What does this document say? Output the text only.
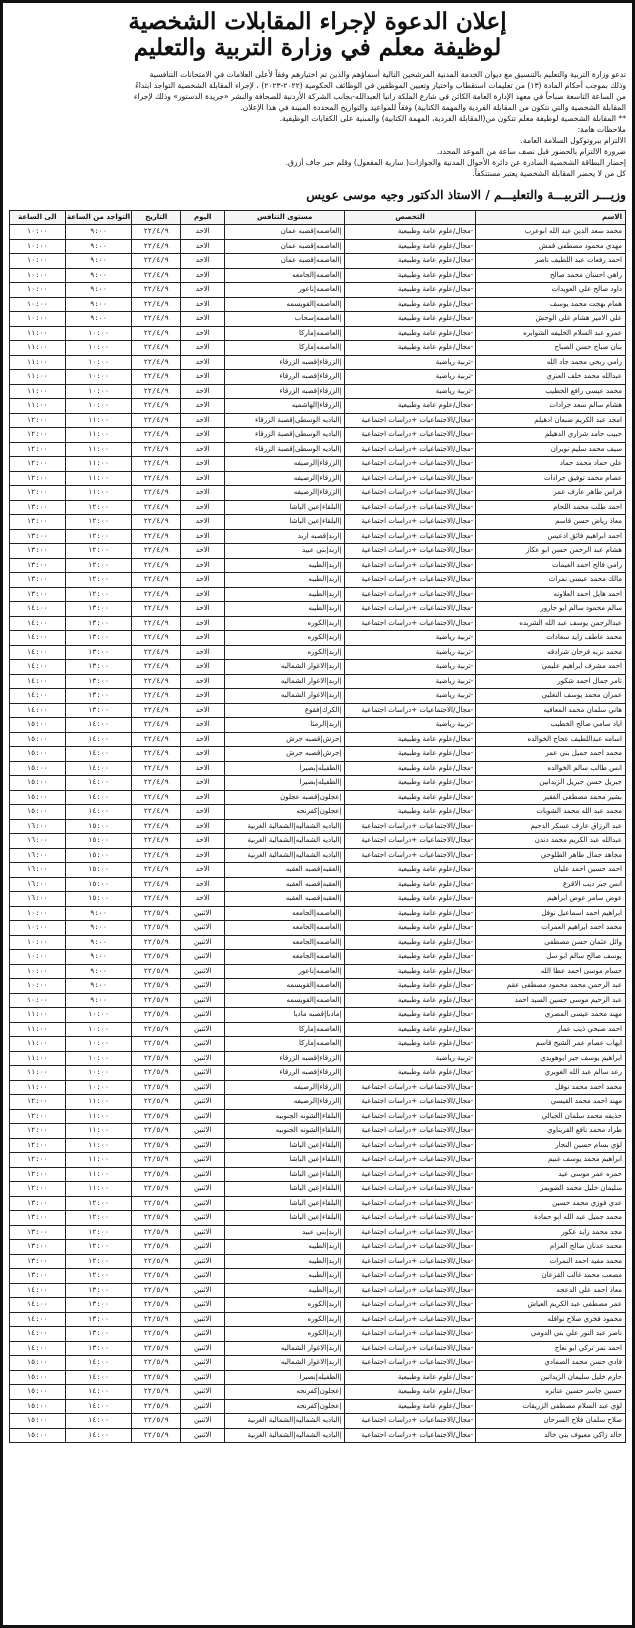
إعلان الدعوة لإجراء المقابلات الشخصية
لوظيفة معلم في وزارة التربية والتعليم

تدعو وزارة التربية والتعليم بالتنسيق مع ديوان الخدمة المدنية المرشحين التالية أسماؤهم والذين تم اختيارهم وفقاً لأعلى العلامات في الامتحانات التنافسية

وذلك بموجب أحكام المادة (١٣) من تعليمات استقطاب واختيار وتعيين الموظفين في الوظائف الحكومية (٢٠٢٢-٢٠٢٣) ، لإجراء المقابلة الشخصية التواجد ابتداءً

من الساعة التاسعة صباحاً في معهد الإدارة العامة الكائن في شارع الملكة رانيا العبدالله-بجانب الشركة الأردنية للصحافة والنشر «جريدة الدستور» وذلك لإجراء

المقابلة الشخصية والتي تتكون من المقابلة الفردية والمهمة الكتابية) وفقاً للمواعيد والتواريخ المحددة المبينة في هذا الإعلان.

** المقابلة الشخصية لوظيفة معلم تتكون من(المقابلة الفردية، المهمة الكتابية) والمبنية على الكفايات الوظيفية.

ملاحظات هامة:

الالتزام ببروتوكول السلامة العامة.

ضرورة الالتزام بالحضور قبل نصف ساعة من الموعد المحدد.

إحضار البطاقة الشخصية الصادرة عن دائرة الأحوال المدنية والجوازات( سارية المفعول) وقلم حبر جاف أزرق.

كل من لا يحضر المقابلة الشخصية يعتبر مستنكفاً.

وزيـــر التربيـــة والتعليـــم / الاستاذ الدكتور وجيه موسى عويس
الاسم	التخصص	مستوى التنافس	اليوم	التاريخ	التواجد من الساعة	الى الساعة
محمد سعد الدين عبد الله ابوعرب	-مجال/علوم عامة وطبيعية	|العاصمه|قصبه عمان	الاحد	٢٢/٤/٩	٩:٠٠	١٠:٠٠
مهدي محمود مصطفى قمش	-مجال/علوم عامة وطبيعية	|العاصمه|قصبه عمان	الاحد	٢٢/٤/٩	٩:٠٠	١٠:٠٠
احمد رفعات عبد اللطيف ناصر	-مجال/علوم عامة وطبيعية	|العاصمه|قصبه عمان	الاحد	٢٢/٤/٩	٩:٠٠	١٠:٠٠
راهي احسان محمد صالح	-مجال/علوم عامة وطبيعية	|العاصمه|الجامعه	الاحد	٢٢/٤/٩	٩:٠٠	١٠:٠٠
داود صالح علي العويدات	-مجال/علوم عامة وطبيعية	|العاصمه|ناعور	الاحد	٢٢/٤/٩	٩:٠٠	١٠:٠٠
همام بهجت محمد يوسف	-مجال/علوم عامة وطبيعية	|العاصمه|القويسمه	الاحد	٢٢/٤/٩	٩:٠٠	١٠:٠٠
علي الامير هشام علي الوحش	-مجال/علوم عامة وطبيعية	|العاصمه|سحاب	الاحد	٢٢/٤/٩	٩:٠٠	١٠:٠٠
عمرو عبد السلام الخليفه الشوابره	-مجال/علوم عامة وطبيعية	|العاصمه|ماركا	الاحد	٢٢/٤/٩	١٠:٠٠	١١:٠٠
بنان صباح حسن الصباح	-مجال/علوم عامة وطبيعية	|العاصمه|ماركا	الاحد	٢٢/٤/٩	١٠:٠٠	١١:٠٠
رامي ربحي محمد جاد الله	-تربية رياضية	|الزرقاء|قصبه الزرقاء	الاحد	٢٢/٤/٩	١٠:٠٠	١١:٠٠
عبدالله محمد خلف العنزي	-تربية رياضية	|الزرقاء|قصبه الزرقاء	الاحد	٢٢/٤/٩	١٠:٠٠	١١:٠٠
محمد عيسى رافع الخطيب	-تربية رياضية	|الزرقاء|قصبه الزرقاء	الاحد	٢٢/٤/٩	١٠:٠٠	١١:٠٠
هشام سالم سعد جرادات	-مجال/علوم عامة وطبيعية	|الزرقاء|الهاشميه	الاحد	٢٢/٤/٩	١٠:٠٠	١١:٠٠
امجد عبد الكريم ضبعان ادهيلم	-مجال/الاجتماعيات +دراسات اجتماعية	|البادیه الوسطی|قصبة الزرقاء	الاحد	٢٢/٤/٩	١١:٠٠	١٢:٠٠
حبيب حامد شراري الدهيلم	-مجال/الاجتماعيات +دراسات اجتماعية	|البادیه الوسطی|قصبة الزرقاء	الاحد	٢٢/٤/٩	١١:٠٠	١٢:٠٠
سيف محمد سليم نويران	-مجال/الاجتماعيات +دراسات اجتماعية	|البادیه الوسطی|قصبة الزرقاء	الاحد	٢٢/٤/٩	١١:٠٠	١٢:٠٠
علي حماد محمد حماد	-مجال/الاجتماعيات +دراسات اجتماعية	|الزرقاء|الرصيفه	الاحد	٢٢/٤/٩	١١:٠٠	١٢:٠٠
عصام محمد توفيق جرادات	-مجال/الاجتماعيات +دراسات اجتماعية	|الزرقاء|الرصيفه	الاحد	٢٢/٤/٩	١١:٠٠	١٢:٠٠
فراس طاهر عارف عمر	-مجال/الاجتماعيات +دراسات اجتماعية	|الزرقاء|الرصيفه	الاحد	٢٢/٤/٩	١١:٠٠	١٢:٠٠
احمد طلب محمد اللحام	-مجال/الاجتماعيات +دراسات اجتماعية	|البلقاء|عين الباشا	الاحد	٢٢/٤/٩	١٢:٠٠	١٣:٠٠
معاذ رياض حسن قاسم	-مجال/الاجتماعيات +دراسات اجتماعية	|البلقاء|عين الباشا	الاحد	٢٢/٤/٩	١٢:٠٠	١٣:٠٠
احمد ابراهيم فائق ادعيس	-مجال/الاجتماعيات +دراسات اجتماعية	|اربد|قصبه اربد	الاحد	٢٢/٤/٩	١٢:٠٠	١٣:٠٠
هشام عبد الرحمن حسن ابو عكاز	-مجال/الاجتماعيات +دراسات اجتماعية	|اربد|بني عبيد	الاحد	٢٢/٤/٩	١٢:٠٠	١٣:٠٠
رامي فالح احمد الغيمات	-مجال/الاجتماعيات +دراسات اجتماعية	|اربد|الطيبه	الاحد	٢٢/٤/٩	١٢:٠٠	١٣:٠٠
مالك محمد عيسى نمرات	-مجال/الاجتماعيات +دراسات اجتماعية	|اربد|الطيبه	الاحد	٢٢/٤/٩	١٢:٠٠	١٣:٠٠
احمد هايل احمد العلاونه	-مجال/الاجتماعيات +دراسات اجتماعية	|اربد|الطيبه	الاحد	٢٢/٤/٩	١٢:٠٠	١٣:٠٠
سالم محمود سالم ابو جارور	-مجال/الاجتماعيات +دراسات اجتماعية	|اربد|الطيبه	الاحد	٢٢/٤/٩	١٣:٠٠	١٤:٠٠
عبدالرحمن يوسف عبد الله الشريده	-مجال/الاجتماعيات +دراسات اجتماعية	|اربد|الكوره	الاحد	٢٢/٤/٩	١٣:٠٠	١٤:٠٠
محمد عاطف زايد سعادات	-تربية رياضية	|اربد|الكوره	الاحد	٢٢/٤/٩	١٣:٠٠	١٤:٠٠
محمد نزيه فرحان شرادقه	-تربية رياضية	|اربد|الكوره	الاحد	٢٢/٤/٩	١٣:٠٠	١٤:٠٠
احمد مشرف ابراهيم عليمي	-تربية رياضية	|اربد|الاغوار الشماليه	الاحد	٢٢/٤/٩	١٣:٠٠	١٤:٠٠
تامر جمال احمد شكور	-تربية رياضية	|اربد|الاغوار الشماليه	الاحد	٢٢/٤/٩	١٣:٠٠	١٤:٠٠
عمران محمد يوسف التغلبي	-تربية رياضية	|اربد|الاغوار الشماليه	الاحد	٢٢/٤/٩	١٣:٠٠	١٤:٠٠
هاني سلمان محمد المعافيه	-مجال/الاجتماعيات +دراسات اجتماعية	|الكرك|فقوع	الاحد	٢٢/٤/٩	١٣:٠٠	١٤:٠٠
اياد سامي صالح الخطيب	-تربية رياضية	|اربد|الرمثا	الاحد	٢٢/٤/٩	١٤:٠٠	١٥:٠٠
اسامه عبداللطيف عجاج الخوالده	-مجال/علوم عامة وطبيعية	|جرش|قصبه جرش	الاحد	٢٢/٤/٩	١٤:٠٠	١٥:٠٠
محمد احمد جميل بني عمر	-مجال/علوم عامة وطبيعية	|جرش|قصبه جرش	الاحد	٢٢/٤/٩	١٤:٠٠	١٥:٠٠
انس طالب سالم الخوالده	-مجال/علوم عامة وطبيعية	|الطفيله|بصيرا	الاحد	٢٢/٤/٩	١٤:٠٠	١٥:٠٠
جبريل حسن جبريل الزيدانين	-مجال/علوم عامة وطبيعية	|الطفيله|بصيرا	الاحد	٢٢/٤/٩	١٤:٠٠	١٥:٠٠
بشير محمد مصطفى الفقير	-مجال/علوم عامة وطبيعية	|عجلون|قصبه عجلون	الاحد	٢٢/٤/٩	١٤:٠٠	١٥:٠٠
محمد عبد الله محمد الشوبات	-مجال/علوم عامة وطبيعية	|عجلون|كفرنجه	الاحد	٢٢/٤/٩	١٤:٠٠	١٥:٠٠
عبد الرزاق عارف عسكر الدحيم	-مجال/الاجتماعيات +دراسات اجتماعية	|البادیه الشماليه|الشمالية الغربية	الاحد	٢٢/٤/٩	١٥:٠٠	١٦:٠٠
عبدالله عبد الكريم محمد دندن	-مجال/الاجتماعيات +دراسات اجتماعية	|البادیه الشماليه|الشمالية الغربية	الاحد	٢٢/٤/٩	١٥:٠٠	١٦:٠٠
مجاهد جمال طاهر الطلوحي	-مجال/الاجتماعيات +دراسات اجتماعية	|البادیه الشماليه|الشمالية الغربية	الاحد	٢٢/٤/٩	١٥:٠٠	١٦:٠٠
احمد حسين احمد عليان	-مجال/علوم عامة وطبيعية	|العقبه|قصبه العقبه	الاحد	٢٢/٤/٩	١٥:٠٠	١٦:٠٠
انس جبر ديب الاقرع	-مجال/علوم عامة وطبيعية	|العقبه|قصبه العقبه	الاحد	٢٢/٤/٩	١٥:٠٠	١٦:٠٠
عوض سامر عوض ابراهيم	-مجال/علوم عامة وطبيعية	|العقبه|قصبه العقبه	الاحد	٢٢/٤/٩	١٥:٠٠	١٦:٠٠
ابراهيم احمد اسماعيل نوفل	-مجال/علوم عامة وطبيعية	|العاصمه|الجامعه	الاثنين	٢٢/٥/٩	٩:٠٠	١٠:٠٠
محمد احمد ابراهيم العمرات	-مجال/علوم عامة وطبيعية	|العاصمه|الجامعه	الاثنين	٢٢/٥/٩	٩:٠٠	١٠:٠٠
وائل عثمان حسن مصطفى	-مجال/علوم عامة وطبيعية	|العاصمه|الجامعه	الاثنين	٢٢/٥/٩	٩:٠٠	١٠:٠٠
يوسف صالح سالم ابو سل	-مجال/علوم عامة وطبيعية	|العاصمه|الجامعه	الاثنين	٢٢/٥/٩	٩:٠٠	١٠:٠٠
حسام موسى احمد عطا الله	-مجال/علوم عامة وطبيعية	|العاصمه|ناعور	الاثنين	٢٢/٥/٩	٩:٠٠	١٠:٠٠
عبد الرحمن محمد محمود مصطفى عقم	-مجال/علوم عامة وطبيعية	|العاصمه|القويسمه	الاثنين	٢٢/٥/٩	٩:٠٠	١٠:٠٠
عبد الرحيم موسى حسين السيد احمد	-مجال/علوم عامة وطبيعية	|العاصمه|القويسمه	الاثنين	٢٢/٥/٩	٩:٠٠	١٠:٠٠
مهند محمد عيسى المصري	-مجال/علوم عامة وطبيعية	|مادبا|قصبه مادبا	الاثنين	٢٢/٥/٩	١٠:٠٠	١١:٠٠
احمد صبحي ذيب عمار	-مجال/علوم عامة وطبيعية	|العاصمه|ماركا	الاثنين	٢٢/٥/٩	١٠:٠٠	١١:٠٠
ايهاب عصام عمر الشيخ قاسم	-مجال/علوم عامة وطبيعية	|العاصمه|ماركا	الاثنين	٢٢/٥/٩	١٠:٠٠	١١:٠٠
ابراهيم يوسف جبر ابوهويدي	-تربية رياضية	|الزرقاء|قصبه الزرقاء	الاثنين	٢٢/٥/٩	١٠:٠٠	١١:٠٠
رعد سالم عبد الله الغويري	-مجال/علوم عامة وطبيعية	|الزرقاء|قصبه الزرقاء	الاثنين	٢٢/٥/٩	١٠:٠٠	١١:٠٠
محمد احمد محمد نوفل	-مجال/الاجتماعيات +دراسات اجتماعية	|الزرقاء|الرصيفه	الاثنين	٢٢/٥/٩	١٠:٠٠	١١:٠٠
مهند احمد محمد القيسي	-مجال/الاجتماعيات +دراسات اجتماعية	|الزرقاء|الرصيفه	الاثنين	٢٢/٥/٩	١١:٠٠	١٢:٠٠
حذيفه محمد سلمان الجبالي	-مجال/الاجتماعيات +دراسات اجتماعية	|البلقاء|الشونه الجنوبيه	الاثنين	٢٢/٥/٩	١١:٠٠	١٢:٠٠
طراد محمد نافع القريناوي	-مجال/الاجتماعيات +دراسات اجتماعية	|البلقاء|الشونه الجنوبيه	الاثنين	٢٢/٥/٩	١١:٠٠	١٢:٠٠
لؤي بسام حسين النجار	-مجال/الاجتماعيات +دراسات اجتماعية	|البلقاء|عين الباشا	الاثنين	٢٢/٥/٩	١١:٠٠	١٢:٠٠
ابراهيم محمد يوسف غنيم	-مجال/الاجتماعيات +دراسات اجتماعية	|البلقاء|عين الباشا	الاثنين	٢٢/٥/٩	١١:٠٠	١٢:٠٠
حمزه عمر موسى عيد	-مجال/الاجتماعيات +دراسات اجتماعية	|البلقاء|عين الباشا	الاثنين	٢٢/٥/٩	١١:٠٠	١٢:٠٠
سليمان خليل محمد الضويمر	-مجال/الاجتماعيات +دراسات اجتماعية	|البلقاء|عين الباشا	الاثنين	٢٢/٥/٩	١١:٠٠	١٢:٠٠
عدي فوزي محمد حسين	-مجال/الاجتماعيات +دراسات اجتماعية	|البلقاء|عين الباشا	الاثنين	٢٢/٥/٩	١٢:٠٠	١٣:٠٠
محمد جميل عبد الله ابو حمادة	-مجال/الاجتماعيات +دراسات اجتماعية	|البلقاء|عين الباشا	الاثنين	٢٢/٥/٩	١٢:٠٠	١٣:٠٠
مجد محمد زايد عكور	-مجال/الاجتماعيات +دراسات اجتماعية	|اربد|بني عبيد	الاثنين	٢٢/٥/٩	١٢:٠٠	١٣:٠٠
محمد عدنان صالح العزام	-مجال/الاجتماعيات +دراسات اجتماعية	|اربد|الطيبه	الاثنين	٢٢/٥/٩	١٢:٠٠	١٣:٠٠
محمد مفيد احمد النمرات	-مجال/الاجتماعيات +دراسات اجتماعية	|اربد|الطيبه	الاثنين	٢٢/٥/٩	١٢:٠٠	١٣:٠٠
مصعب محمد غالب القرعان	-مجال/الاجتماعيات +دراسات اجتماعية	|اربد|الطيبه	الاثنين	٢٢/٥/٩	١٢:٠٠	١٣:٠٠
معاذ احمد علي الدعجه	-مجال/الاجتماعيات +دراسات اجتماعية	|اربد|الطيبه	الاثنين	٢٢/٥/٩	١٣:٠٠	١٤:٠٠
عمر مصطفى عبد الكريم العياش	-مجال/الاجتماعيات +دراسات اجتماعية	|اربد|الكوره	الاثنين	٢٢/٥/٩	١٣:٠٠	١٤:٠٠
محمود فخري صلاح نوافله	-مجال/الاجتماعيات +دراسات اجتماعية	|اربد|الكوره	الاثنين	٢٢/٥/٩	١٣:٠٠	١٤:٠٠
ناصر عبد النور علي بني الدومي	-مجال/الاجتماعيات +دراسات اجتماعية	|اربد|الكوره	الاثنين	٢٢/٥/٩	١٣:٠٠	١٤:٠٠
احمد نمر تركي ابو نعاج	-مجال/الاجتماعيات +دراسات اجتماعية	|اربد|الاغوار الشماليه	الاثنين	٢٢/٥/٩	١٣:٠٠	١٤:٠٠
فادي حسن محمد الصمادي	-مجال/الاجتماعيات +دراسات اجتماعية	|اربد|الاغوار الشماليه	الاثنين	٢٢/٥/٩	١٤:٠٠	١٥:٠٠
حازم خليل سليمان الزيدانين	-مجال/علوم عامة وطبيعية	|الطفيله|بصيرا	الاثنين	٢٢/٥/٩	١٤:٠٠	١٥:٠٠
حسين جاسر حسين عناتره	-مجال/علوم عامة وطبيعية	|عجلون|كفرنجه	الاثنين	٢٢/٥/٩	١٤:٠٠	١٥:٠٠
لؤي عبد السلام مصطفى الزريقات	-مجال/علوم عامة وطبيعية	|عجلون|كفرنجه	الاثنين	٢٢/٥/٩	١٤:٠٠	١٥:٠٠
صلاح سلمان فلاح السرحان	-مجال/الاجتماعيات +دراسات اجتماعية	|البادیه الشماليه|الشمالية الغربية	الاثنين	٢٢/٥/٩	١٤:٠٠	١٥:٠٠
خالد زاكي معيوف بني خالد	-مجال/الاجتماعيات +دراسات اجتماعية	|البادیه الشماليه|الشمالية الغربية	الاثنين	٢٢/٥/٩	١٤:٠٠	١٥:٠٠
